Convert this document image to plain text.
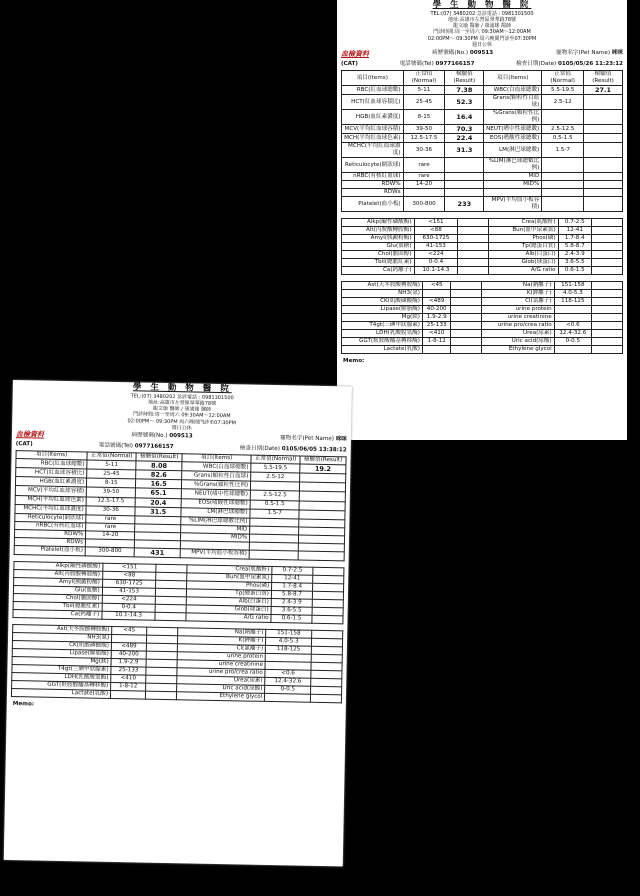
學 生 動 物 醫 院
TEL:(07) 3480202 急診電話 : 0981301500
地址:高雄市左營區翠華路78號
龍文瑜 醫師 / 康浦雄 醫師
門診時間:周一至周六 09:30AM～12:00AM
02:00PM～ 09:30PM 周六晚間門診至07:30PM
週日公休
血檢資料	病歷號碼(No.) 009513	寵物名字(Pet Name) 咪咪
(CAT)	電話號碼(Tel) 0977166157	檢查日期(Date) 0105/05/26 11:23:12
項目(Items)	正常值(Normal)	檢驗值(Result)	項目(Items)	正常值(Normal)	檢驗值(Result)
RBC(紅血球總數)	5-11	7.38	WBC(白血球總數)	5.5-19.5	27.1
HCT(紅血球容積比)	25-45	52.3	Grans(顆粒性白血球)	2.5-12	
HGB(血紅素濃度)	8-15	16.4	%Grans(顆粒性比例)		
MCV(平均紅血球容積)	39-50	70.3	NEUT(嗜中性球總數)	2.5-12.5	
MCH(平均紅血球色素)	12.5-17.5	22.4	EOS(嗜酸性球總數)	0.5-1.5	
MCHC(平均紅血球濃度)	30-36	31.3	LM(淋巴球總數)	1.5-7	
Reticulocyte(網狀球)	rare		%LIM(淋巴球總數比例)		
nRBC(有核紅血球)	rare		MID		
RDW%	14-20		MID%		
RDWs					
Platelet(血小板)	300-800	233	MPV(平均血小板容積)		
Alkp(鹼性磷酸酶)	<151		Crea(肌酸酐)	0.7-2.5	
Alt(丙胺酸轉胺酶)	<88		Bun(血中尿素氮)	12-41	
Amyl(胰澱粉酶)	630-1725		Phos(磷)	1.7-8.4	
Glu(血糖)	41-153		Tp(總蛋白質)	5.8-8.7	
Chol(膽固醇)	<224		Alb(白蛋白)	2.4-3.9	
Tbil(總膽紅素)	0-0.4		Glob(球蛋白)	3.6-5.5	
Ca(鈣離子)	10.1-14.3		A/G ratio	0.6-1.5	
Ast(天冬胺酸轉胺酶)	<45		Na(鈉離子)	151-158	
NH3(氨)			K(鉀離子)	4.0-5.3	
CK(肌酸磷酸酶)	<489		Cl(氯離子)	118-125	
Lipase(解脂酶)	40-200		urine protein		
Mg(鎂)	1.9-2.9		urine creatinine		
T4gt(三碘甲狀腺素)	25-133		urine pro/crea ratio	<0.6	
LDH(乳酸脫氫酶)	<410		Urea(尿素)	12.4-32.6	
GGT(麩胺酸醯基轉移酶)	1-8-12		Uric acid(尿酸)	0-0.5	
Lactate(乳酸)			Ethylene glycol		
Memo:
學 生 動 物 醫 院
TEL:(07) 3480202 急診電話 : 0981301500
地址:高雄市左營區翠華路78號
龍文瑜 醫師 / 康浦雄 醫師
門診時間:周一至周六 09:30AM～12:00AM
02:00PM～ 09:30PM 周六晚間門診至07:30PM
週日公休
血檢資料	病歷號碼(No.) 009513	寵物名字(Pet Name) 咪咪
(CAT)	電話號碼(Tel) 0977166157	檢查日期(Date) 0105/06/05 13:38:12
項目(Items)	正常值(Normal)	檢驗值(Result)	項目(Items)	正常值(Normal)	檢驗值(Result)
RBC(紅血球總數)	5-11	8.08	WBC(白血球總數)	5.5-19.5	19.2
HCT(紅血球容積比)	25-45	82.6	Grans(顆粒性白血球)	2.5-12	
HGB(血紅素濃度)	8-15	16.5	%Grans(顆粒性比例)		
MCV(平均紅血球容積)	39-50	65.1	NEUT(嗜中性球總數)	2.5-12.5	
MCH(平均紅血球色素)	12.5-17.5	20.4	EOS(嗜酸性球總數)	0.5-1.5	
MCHC(平均紅血球濃度)	30-36	31.5	LM(淋巴球總數)	1.5-7	
Reticulocyte(網狀球)	rare		%LIM(淋巴球總數比例)		
nRBC(有核紅血球)	rare		MID		
RDW%	14-20		MID%		
RDWs					
Platelet(血小板)	300-800	431	MPV(平均血小板容積)		
Alkp(鹼性磷酸酶)	<151		Crea(肌酸酐)	0.7-2.5	
Alt(丙胺酸轉胺酶)	<88		Bun(血中尿素氮)	12-41	
Amyl(胰澱粉酶)	630-1725		Phos(磷)	1.7-8.4	
Glu(血糖)	41-153		Tp(總蛋白質)	5.8-8.7	
Chol(膽固醇)	<224		Alb(白蛋白)	2.4-3.9	
Tbil(總膽紅素)	0-0.4		Glob(球蛋白)	3.6-5.5	
Ca(鈣離子)	10.1-14.3		A/G ratio	0.6-1.5	
Ast(天冬胺酸轉胺酶)	<45		Na(鈉離子)	151-158	
NH3(氨)			K(鉀離子)	4.0-5.3	
CK(肌酸磷酸酶)	<489		Cl(氯離子)	118-125	
Lipase(解脂酶)	40-200		urine protein		
Mg(鎂)	1.9-2.9		urine creatinine		
T4gt(三碘甲狀腺素)	25-133		urine pro/crea ratio	<0.6	
LDH(乳酸脫氫酶)	<410		Urea(尿素)	12.4-32.6	
GGT(麩胺酸醯基轉移酶)	1-8-12		Uric acid(尿酸)	0-0.5	
Lactate(乳酸)			Ethylene glycol		
Memo:
